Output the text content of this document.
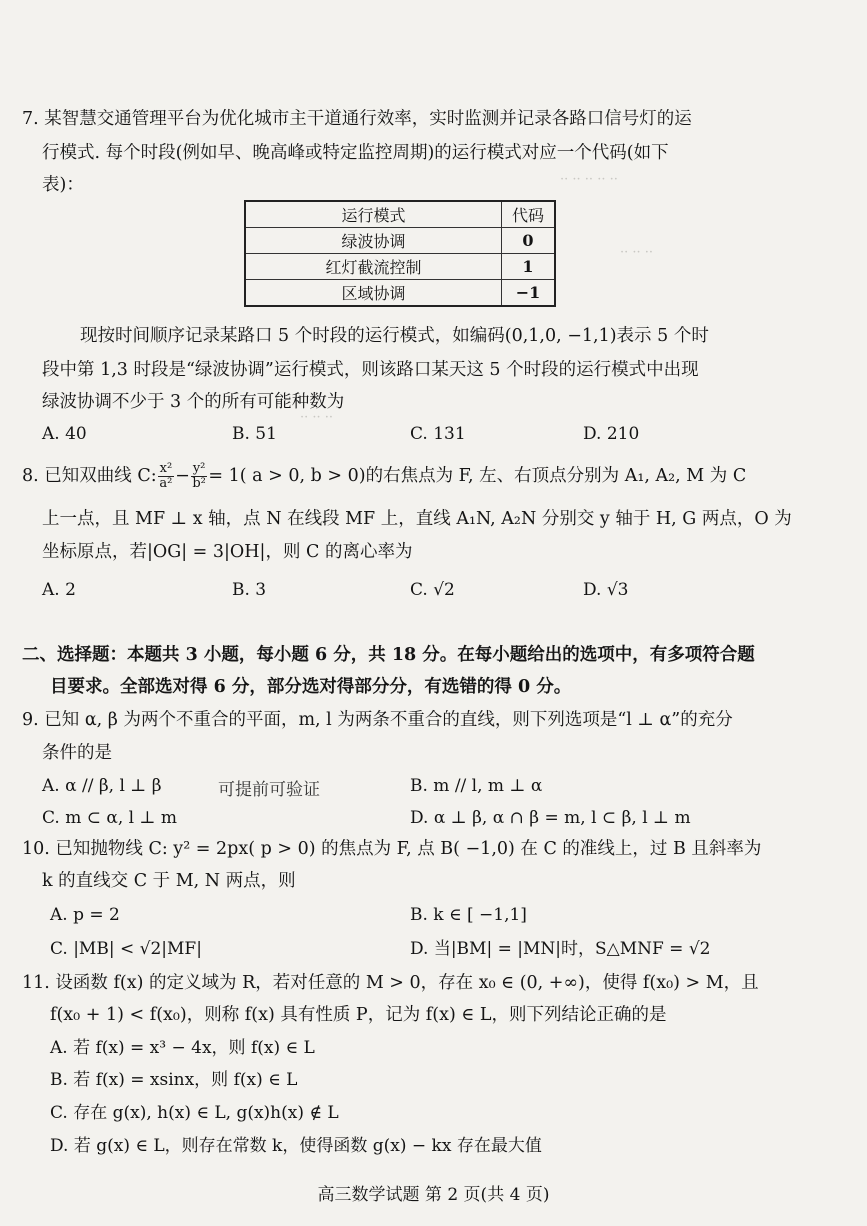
·· ·· ·· ·· ··
·· ·· ··
·· ·· ··
7. 某智慧交通管理平台为优化城市主干道通行效率，实时监测并记录各路口信号灯的运
行模式. 每个时段(例如早、晚高峰或特定监控周期)的运行模式对应一个代码(如下
表)：
运行模式	代码
绿波协调	0
红灯截流控制	1
区域协调	−1
现按时间顺序记录某路口 5 个时段的运行模式，如编码(0,1,0, −1,1)表示 5 个时
段中第 1,3 时段是“绿波协调”运行模式，则该路口某天这 5 个时段的运行模式中出现
绿波协调不少于 3 个的所有可能种数为
A. 40	B. 51	C. 131	D. 210
8. 已知双曲线 C: $\frac{\text{x²}}{\text{a²}} - \frac{\text{y²}}{\text{b²}} = 1$( a > 0, b > 0)的右焦点为 F, 左、右顶点分别为 A₁, A₂, M 为 C
上一点，且 MF ⊥ x 轴，点 N 在线段 MF 上，直线 A₁N, A₂N 分别交 y 轴于 H, G 两点，O 为
坐标原点，若|OG| = 3|OH|，则 C 的离心率为
A. 2	B. 3	C. √2	D. √3
二、选择题：本题共 3 小题，每小题 6 分，共 18 分。在每小题给出的选项中，有多项符合题
目要求。全部选对得 6 分，部分选对得部分分，有选错的得 0 分。
9. 已知 α, β 为两个不重合的平面，m, l 为两条不重合的直线，则下列选项是“l ⊥ α”的充分
条件的是
A. α // β, l ⊥ β	可提前可验证	B. m // l, m ⊥ α
C. m ⊂ α, l ⊥ m	D. α ⊥ β, α ∩ β = m, l ⊂ β, l ⊥ m
10. 已知抛物线 C: y² = 2px( p > 0) 的焦点为 F, 点 B( −1,0) 在 C 的准线上，过 B 且斜率为
k 的直线交 C 于 M, N 两点，则
A. p = 2	B. k ∈ [ −1,1]
C. |MB| < √2|MF|	D. 当|BM| = |MN|时，S△MNF = √2
11. 设函数 f(x) 的定义域为 R，若对任意的 M > 0，存在 x₀ ∈ (0, +∞)，使得 f(x₀) > M，且
f(x₀ + 1) < f(x₀)，则称 f(x) 具有性质 P，记为 f(x) ∈ L，则下列结论正确的是
A. 若 f(x) = x³ − 4x，则 f(x) ∈ L
B. 若 f(x) = xsinx，则 f(x) ∈ L
C. 存在 g(x), h(x) ∈ L, g(x)h(x) ∉ L
D. 若 g(x) ∈ L，则存在常数 k，使得函数 g(x) − kx 存在最大值
高三数学试题 第 2 页(共 4 页)
